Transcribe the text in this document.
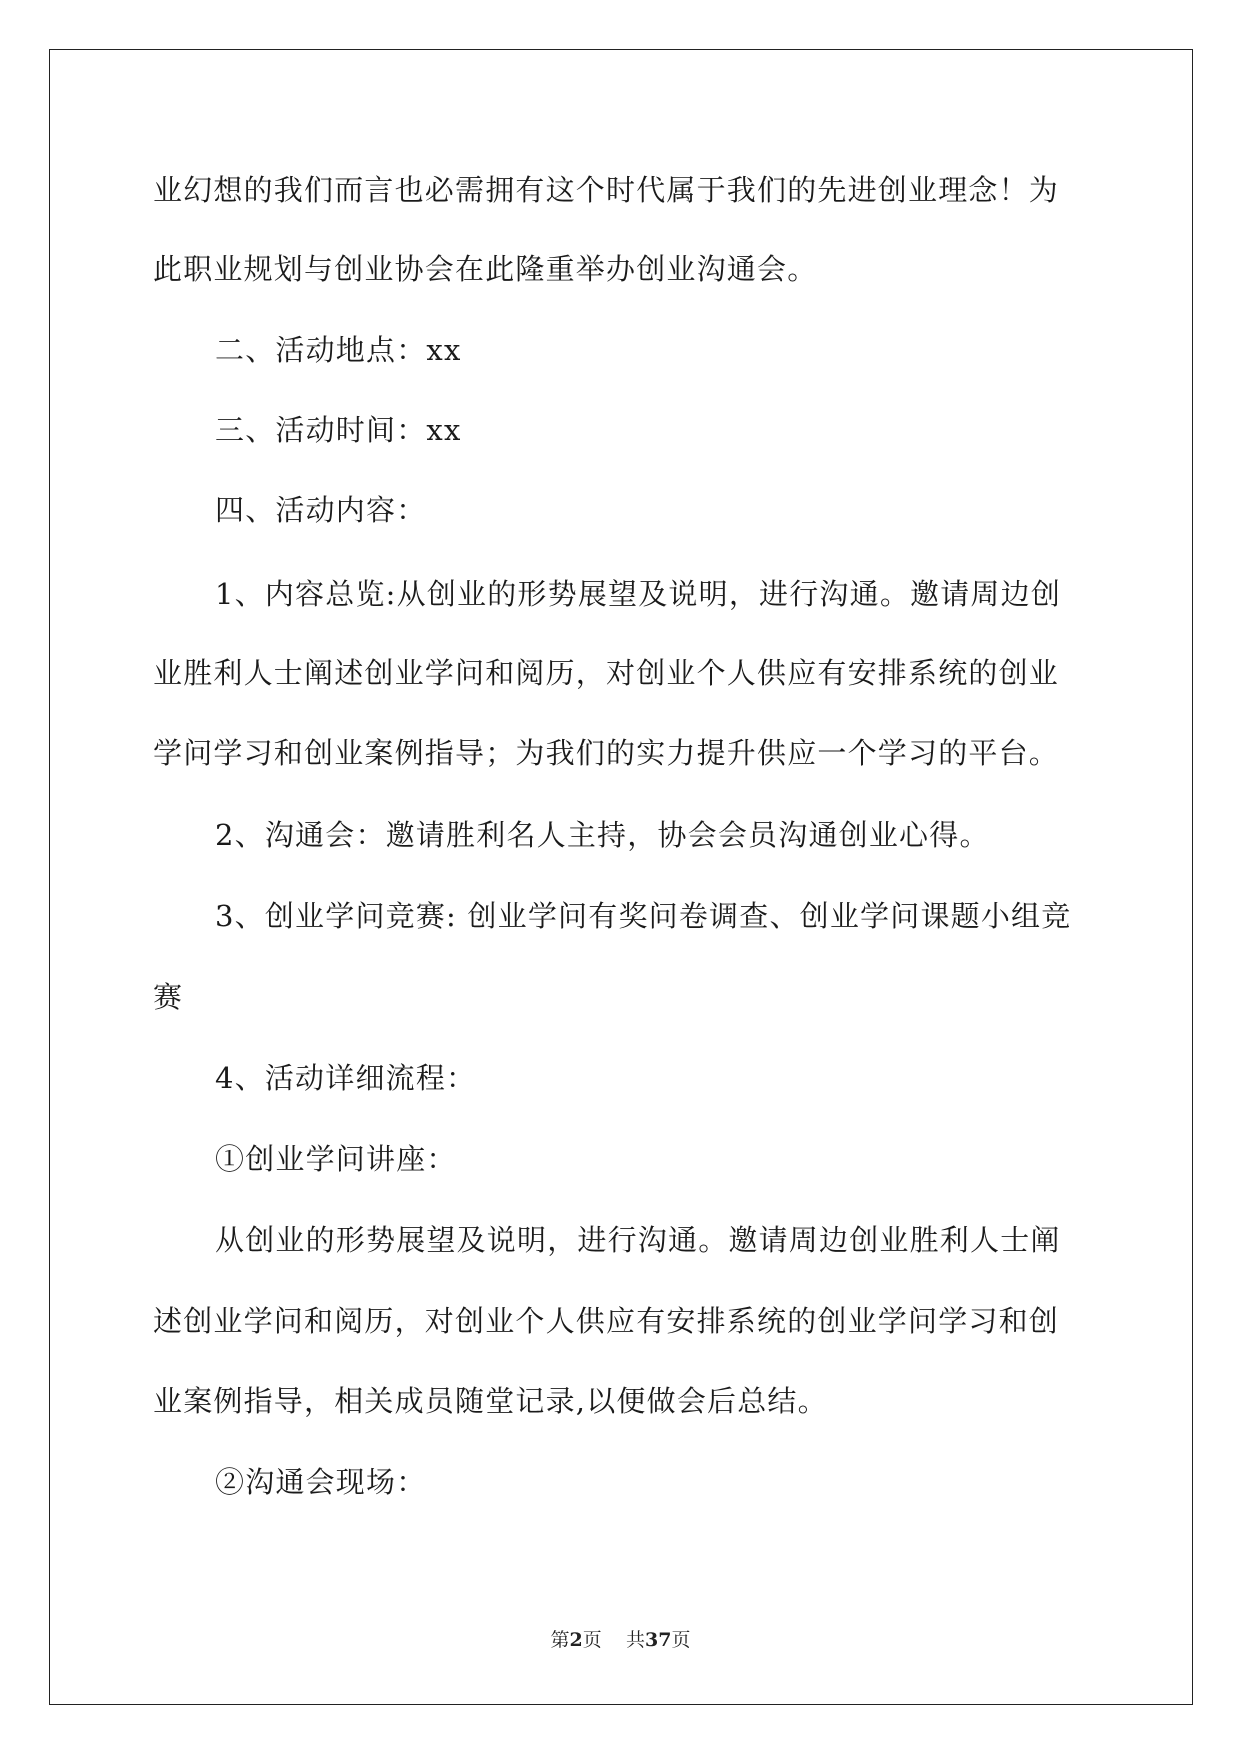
业幻想的我们而言也必需拥有这个时代属于我们的先进创业理念！为
此职业规划与创业协会在此隆重举办创业沟通会。
二、活动地点：xx
三、活动时间：xx
四、活动内容：
1、内容总览:从创业的形势展望及说明，进行沟通。邀请周边创
业胜利人士阐述创业学问和阅历，对创业个人供应有安排系统的创业
学问学习和创业案例指导；为我们的实力提升供应一个学习的平台。
2、沟通会：邀请胜利名人主持，协会会员沟通创业心得。
3、创业学问竞赛: 创业学问有奖问卷调查、创业学问课题小组竞
赛
4、活动详细流程：
①创业学问讲座：
从创业的形势展望及说明，进行沟通。邀请周边创业胜利人士阐
述创业学问和阅历，对创业个人供应有安排系统的创业学问学习和创
业案例指导，相关成员随堂记录,以便做会后总结。
②沟通会现场：
第2页 共37页
